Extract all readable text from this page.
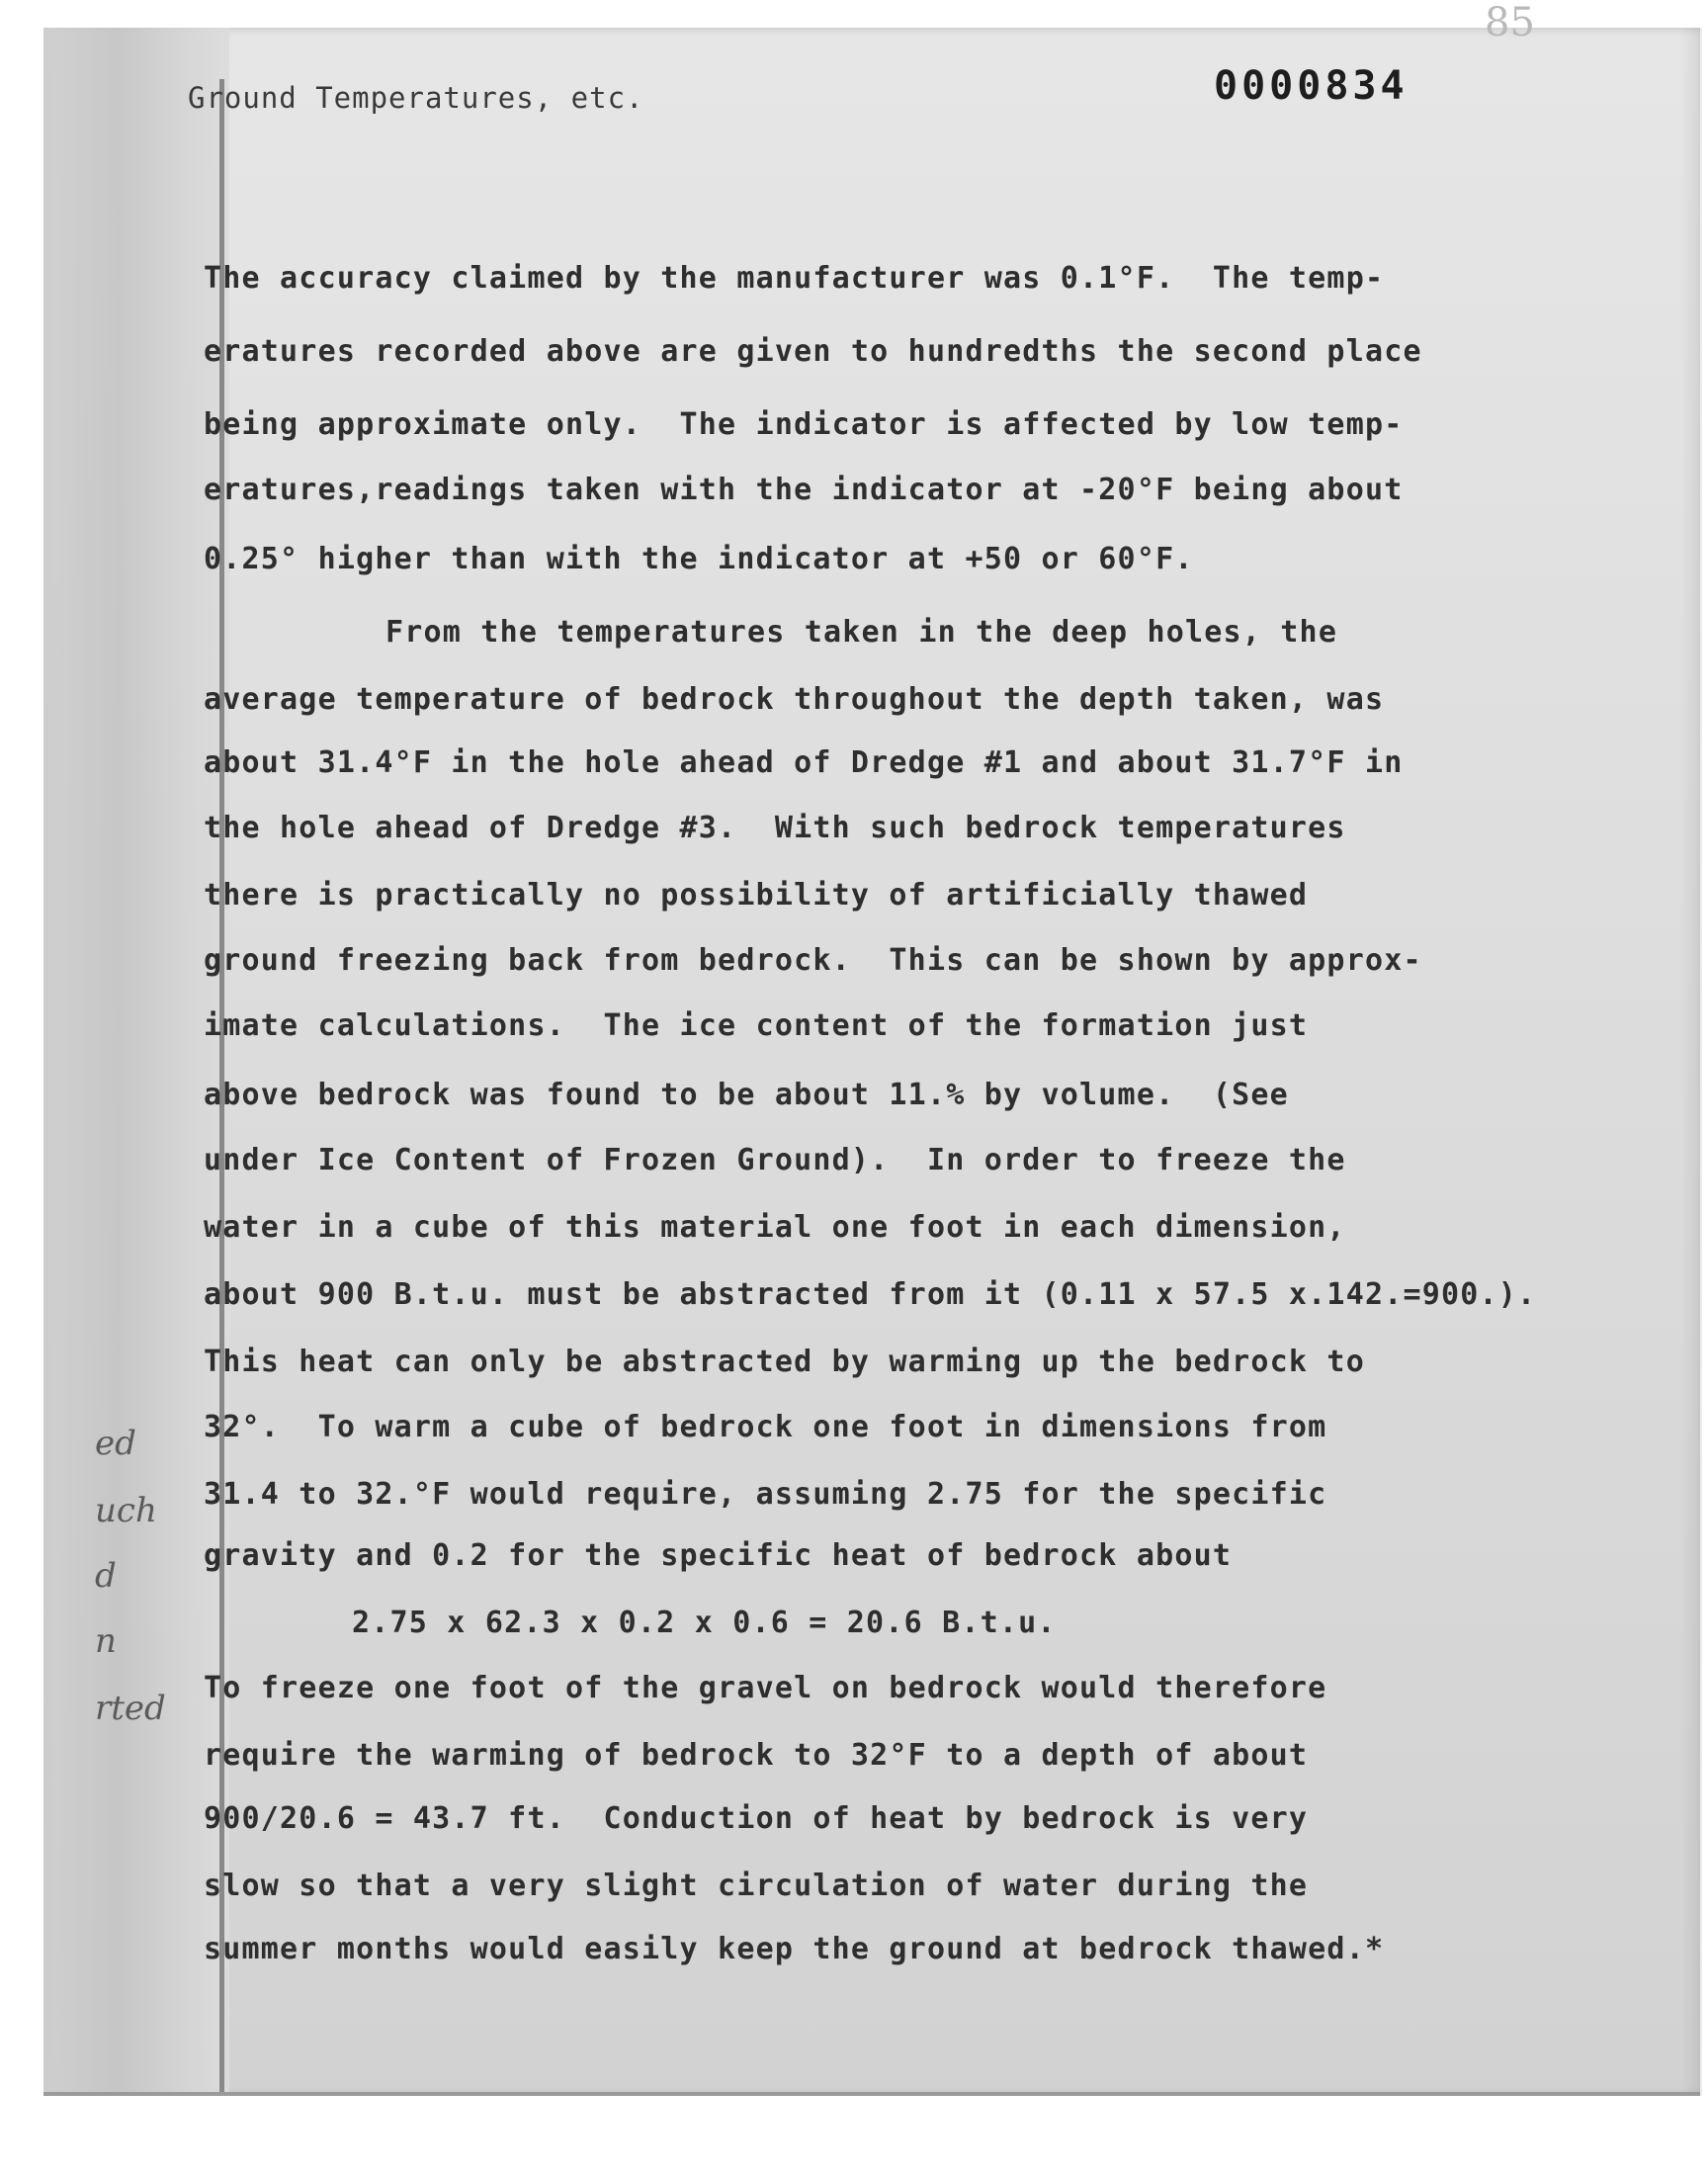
85
Ground Temperatures, etc.	0000834
The accuracy claimed by the manufacturer was 0.1°F.  The temp-
eratures recorded above are given to hundredths the second place
being approximate only.  The indicator is affected by low temp-
eratures,readings taken with the indicator at -20°F being about
0.25° higher than with the indicator at +50 or 60°F.
From the temperatures taken in the deep holes, the
average temperature of bedrock throughout the depth taken, was
about 31.4°F in the hole ahead of Dredge #1 and about 31.7°F in
the hole ahead of Dredge #3.  With such bedrock temperatures
there is practically no possibility of artificially thawed
ground freezing back from bedrock.  This can be shown by approx-
imate calculations.  The ice content of the formation just
above bedrock was found to be about 11.% by volume.  (See
under Ice Content of Frozen Ground).  In order to freeze the
water in a cube of this material one foot in each dimension,
about 900 B.t.u. must be abstracted from it (0.11 x 57.5 x.142.=900.).
This heat can only be abstracted by warming up the bedrock to
32°.  To warm a cube of bedrock one foot in dimensions from
31.4 to 32.°F would require, assuming 2.75 for the specific
gravity and 0.2 for the specific heat of bedrock about
2.75 x 62.3 x 0.2 x 0.6 = 20.6 B.t.u.
To freeze one foot of the gravel on bedrock would therefore
require the warming of bedrock to 32°F to a depth of about
900/20.6 = 43.7 ft.  Conduction of heat by bedrock is very
slow so that a very slight circulation of water during the
summer months would easily keep the ground at bedrock thawed.*
ed
uch
d
n
rted
